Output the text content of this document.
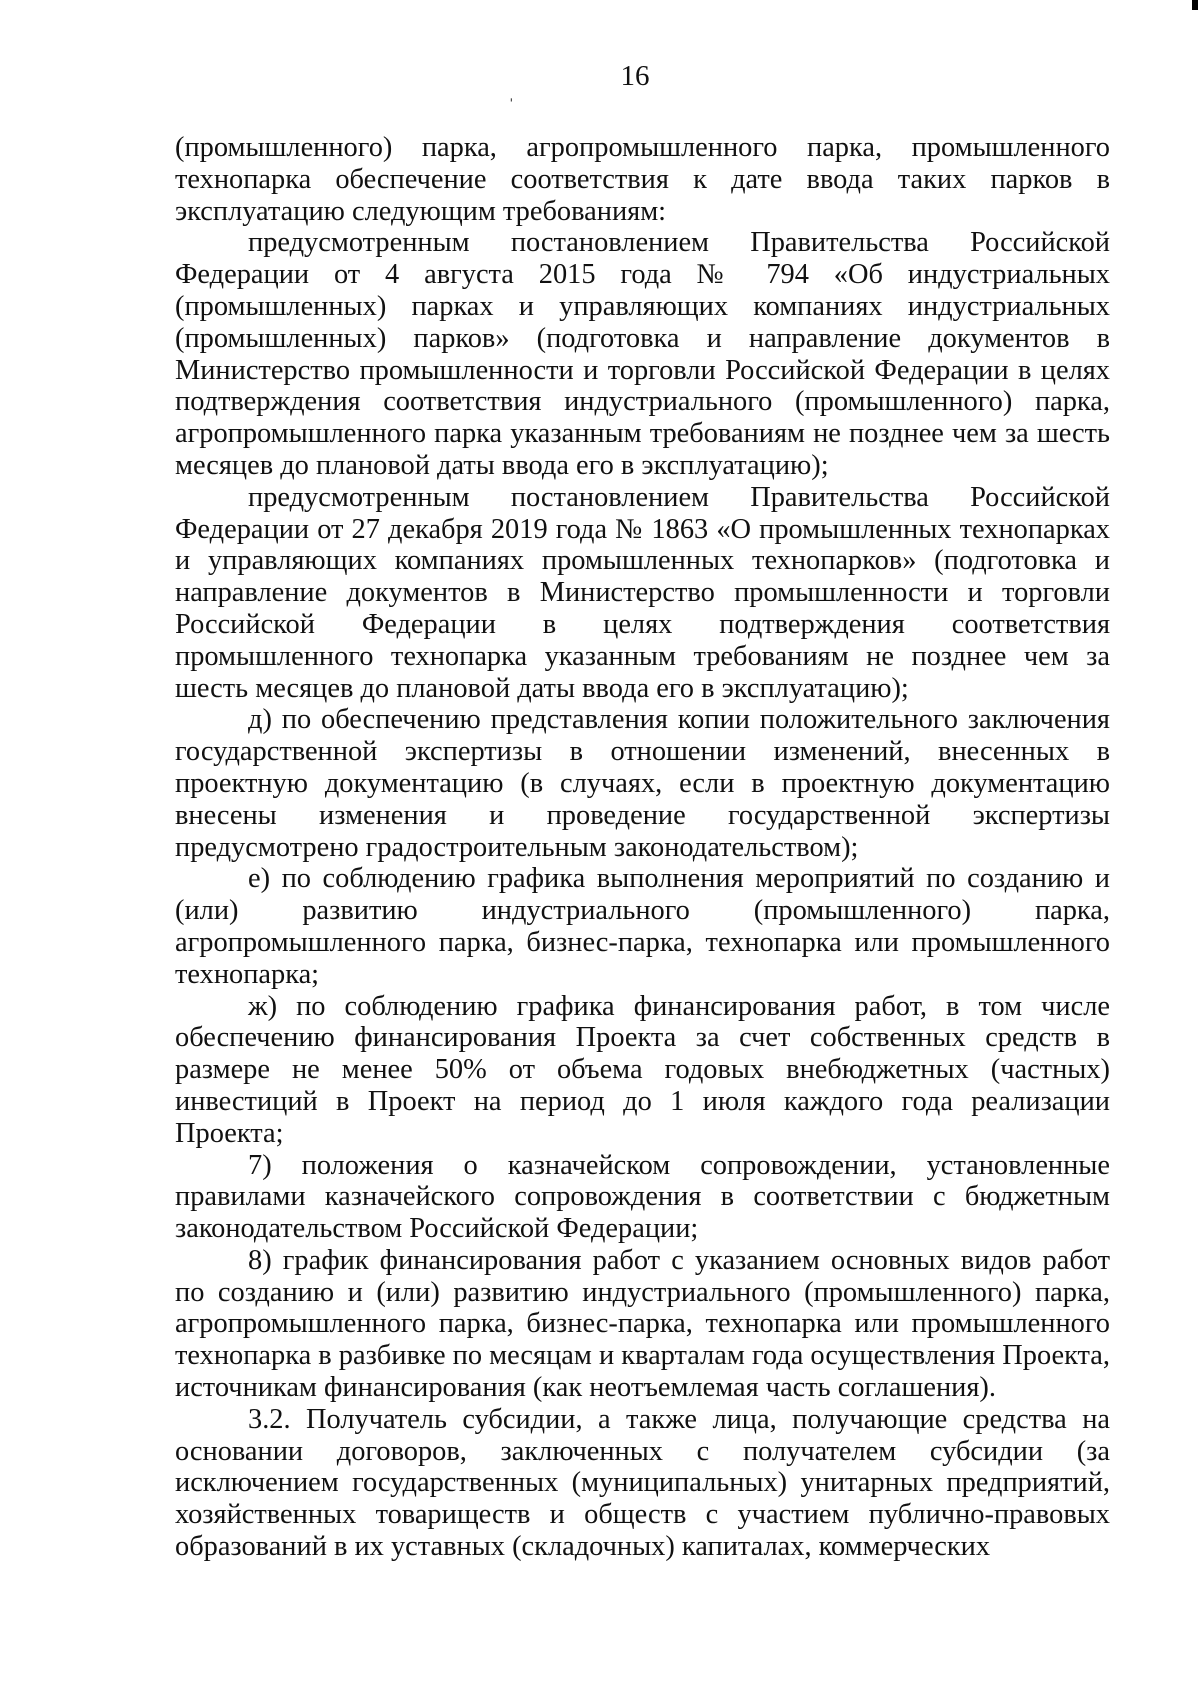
ˌ	16

(промышленного) парка, агропромышленного парка, промышленного технопарка обеспечение соответствия к дате ввода таких парков в эксплуатацию следующим требованиям:

предусмотренным постановлением Правительства Российской Федерации от 4 августа 2015 года № 794 «Об индустриальных (промышленных) парках и управляющих компаниях индустриальных (промышленных) парков» (подготовка и направление документов в Министерство промышленности и торговли Российской Федерации в целях подтверждения соответствия индустриального (промышленного) парка, агропромышленного парка указанным требованиям не позднее чем за шесть месяцев до плановой даты ввода его в эксплуатацию);

предусмотренным постановлением Правительства Российской Федерации от 27 декабря 2019 года № 1863 «О промышленных технопарках и управляющих компаниях промышленных технопарков» (подготовка и направление документов в Министерство промышленности и торговли Российской Федерации в целях подтверждения соответствия промышленного технопарка указанным требованиям не позднее чем за шесть месяцев до плановой даты ввода его в эксплуатацию);

д) по обеспечению представления копии положительного заключения государственной экспертизы в отношении изменений, внесенных в проектную документацию (в случаях, если в проектную документацию внесены изменения и проведение государственной экспертизы предусмотрено градостроительным законодательством);

е) по соблюдению графика выполнения мероприятий по созданию и (или) развитию индустриального (промышленного) парка, агропромышленного парка, бизнес-парка, технопарка или промышленного технопарка;

ж) по соблюдению графика финансирования работ, в том числе обеспечению финансирования Проекта за счет собственных средств в размере не менее 50% от объема годовых внебюджетных (частных) инвестиций в Проект на период до 1 июля каждого года реализации Проекта;

7) положения о казначейском сопровождении, установленные правилами казначейского сопровождения в соответствии с бюджетным законодательством Российской Федерации;

8) график финансирования работ с указанием основных видов работ по созданию и (или) развитию индустриального (промышленного) парка, агропромышленного парка, бизнес-парка, технопарка или промышленного технопарка в разбивке по месяцам и кварталам года осуществления Проекта, источникам финансирования (как неотъемлемая часть соглашения).

3.2. Получатель субсидии, а также лица, получающие средства на основании договоров, заключенных с получателем субсидии (за исключением государственных (муниципальных) унитарных предприятий, хозяйственных товариществ и обществ с участием публично-правовых образований в их уставных (складочных) капиталах, коммерческих
